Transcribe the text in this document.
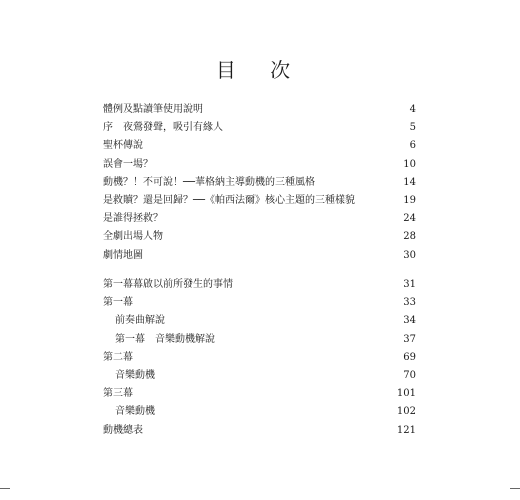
目 次
體例及點讀筆使用說明	4
序　夜鶯發聲，吸引有緣人	5
聖杯傳說	6
誤會一場？	10
動機？！不可說！──華格納主導動機的三種風格	14
是救贖？還是回歸？──《帕西法爾》核心主題的三種樣貌	19
是誰得拯救？	24
全劇出場人物	28
劇情地圖	30
第一幕幕啟以前所發生的事情	31
第一幕	33
前奏曲解說	34
第一幕　音樂動機解說	37
第二幕	69
音樂動機	70
第三幕	101
音樂動機	102
動機總表	121
